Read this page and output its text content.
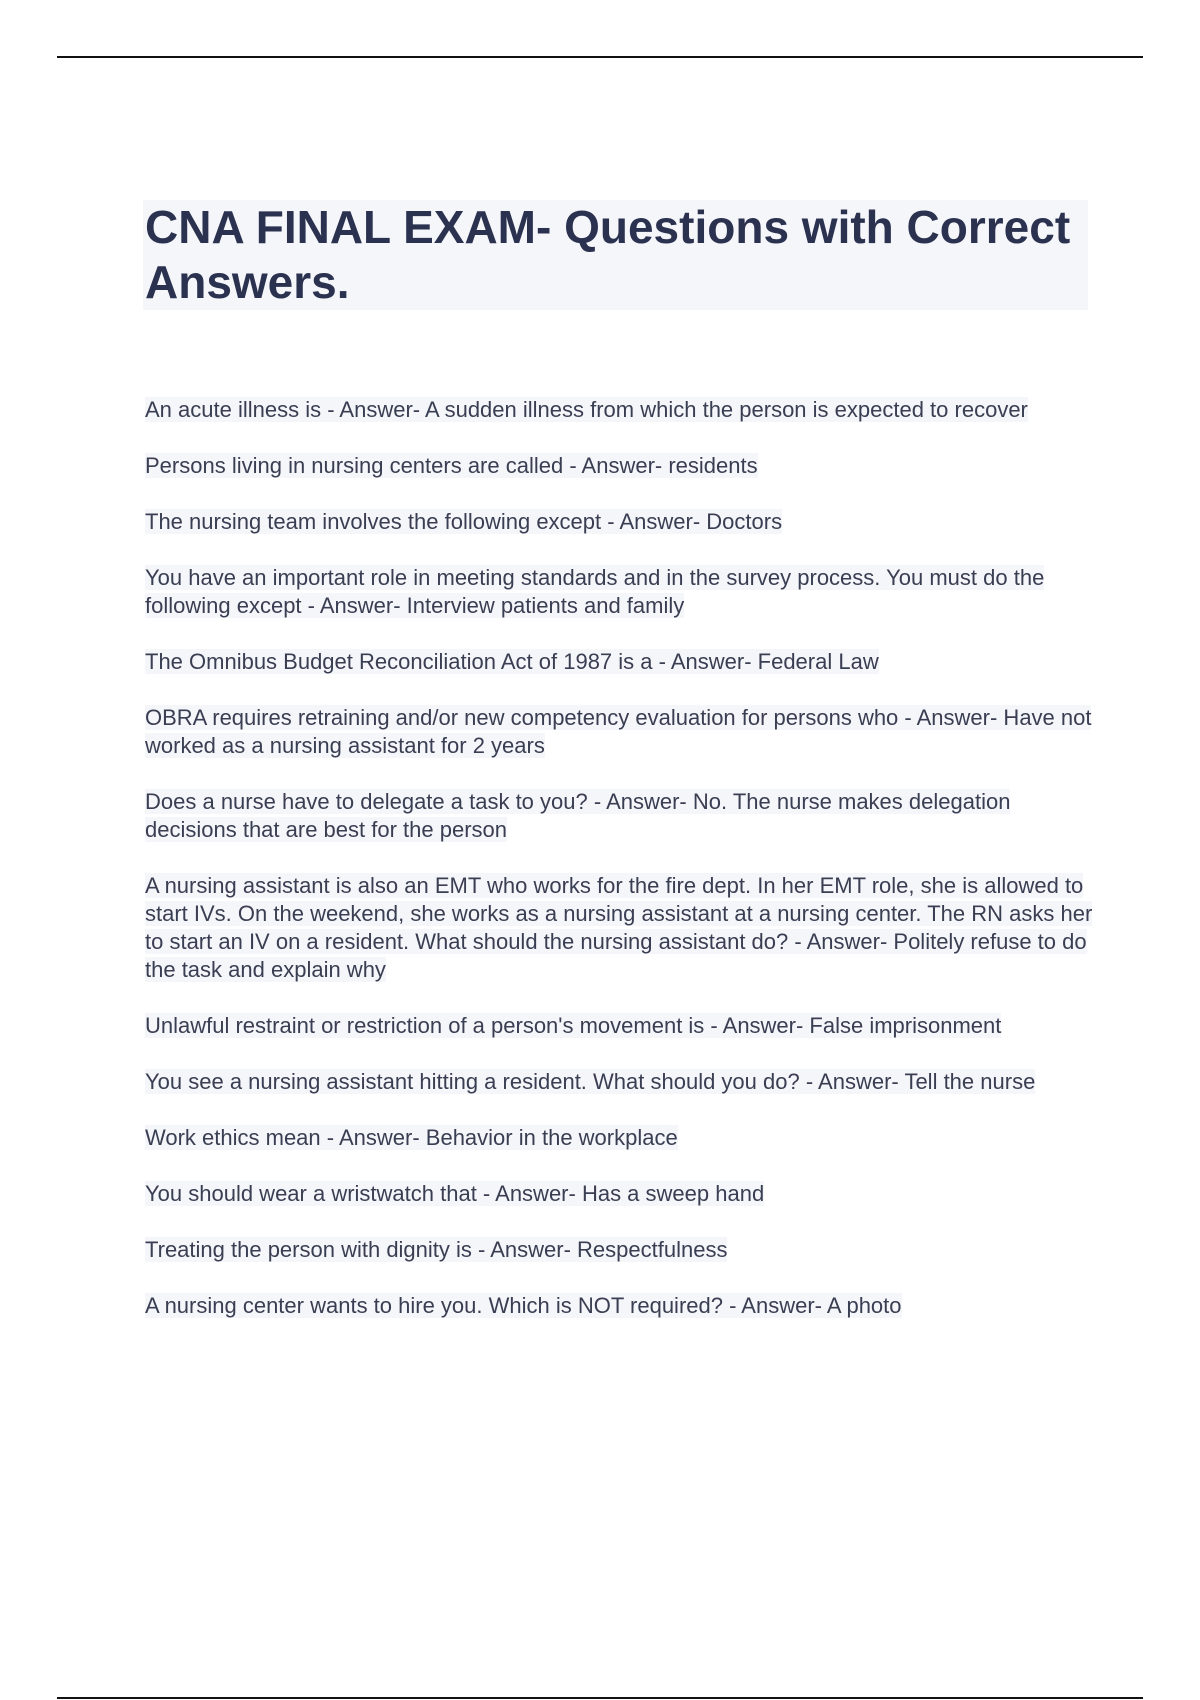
CNA FINAL EXAM- Questions with Correct Answers.
An acute illness is - Answer- A sudden illness from which the person is expected to recover
Persons living in nursing centers are called - Answer- residents
The nursing team involves the following except - Answer- Doctors
You have an important role in meeting standards and in the survey process. You must do the following except - Answer- Interview patients and family
The Omnibus Budget Reconciliation Act of 1987 is a - Answer- Federal Law
OBRA requires retraining and/or new competency evaluation for persons who - Answer- Have not worked as a nursing assistant for 2 years
Does a nurse have to delegate a task to you? - Answer- No. The nurse makes delegation decisions that are best for the person
A nursing assistant is also an EMT who works for the fire dept. In her EMT role, she is allowed to start IVs. On the weekend, she works as a nursing assistant at a nursing center. The RN asks her to start an IV on a resident. What should the nursing assistant do? - Answer- Politely refuse to do the task and explain why
Unlawful restraint or restriction of a person's movement is - Answer- False imprisonment
You see a nursing assistant hitting a resident. What should you do? - Answer- Tell the nurse
Work ethics mean - Answer- Behavior in the workplace
You should wear a wristwatch that - Answer- Has a sweep hand
Treating the person with dignity is - Answer- Respectfulness
A nursing center wants to hire you. Which is NOT required? - Answer- A photo
